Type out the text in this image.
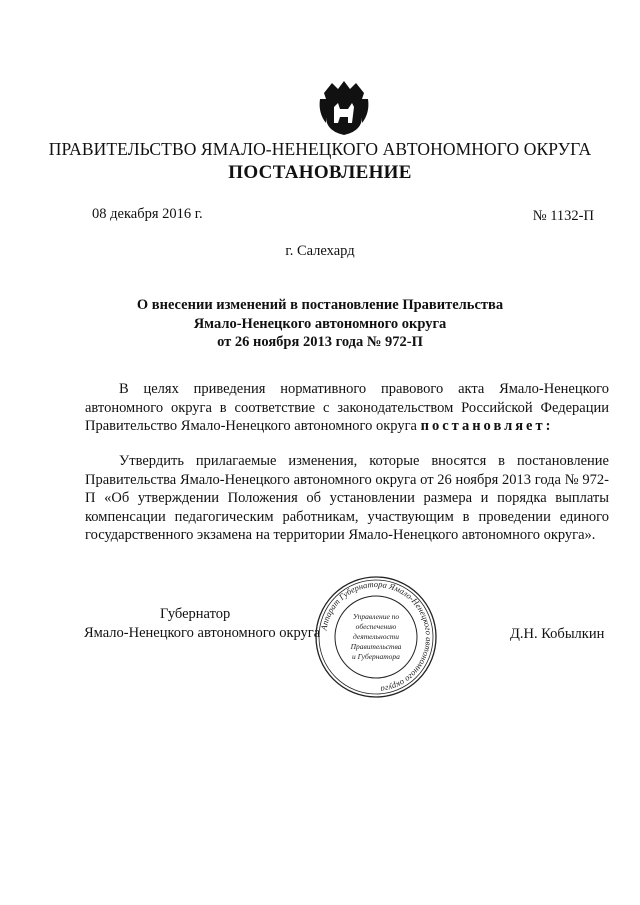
ПРАВИТЕЛЬСТВО ЯМАЛО-НЕНЕЦКОГО АВТОНОМНОГО ОКРУГА
ПОСТАНОВЛЕНИЕ
08 декабря 2016 г.	№ 1132-П
г. Салехард
О внесении изменений в постановление Правительства
Ямало-Ненецкого автономного округа
от 26 ноября 2013 года № 972-П
В целях приведения нормативного правового акта Ямало-Ненецкого автономного округа в соответствие с законодательством Российской Федерации Правительство Ямало-Ненецкого автономного округа постановляет:
Утвердить прилагаемые изменения, которые вносятся в постановление Правительства Ямало-Ненецкого автономного округа от 26 ноября 2013 года № 972-П «Об утверждении Положения об установлении размера и порядка выплаты компенсации педагогическим работникам, участвующим в проведении единого государственного экзамена на территории Ямало-Ненецкого автономного округа».
Губернатор
Ямало-Ненецкого автономного округа	Д.Н. Кобылкин
Аппарат Губернатора Ямало-Ненецкого автономного округа
Управление по
обеспечению
деятельности
Правительства
и Губернатора
